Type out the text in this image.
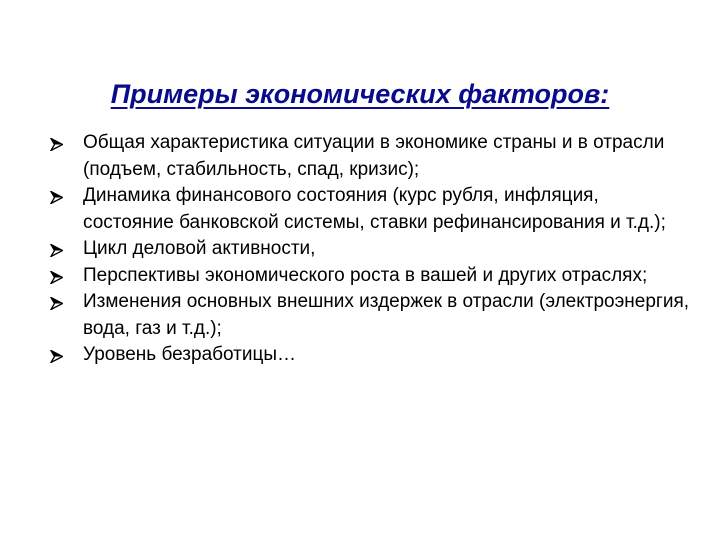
Примеры экономических факторов:
Общая характеристика ситуации в экономике страны и в отрасли (подъем, стабильность, спад, кризис);
Динамика финансового состояния (курс рубля, инфляция, состояние банковской системы, ставки рефинансирования и т.д.);
Цикл деловой активности,
Перспективы экономического роста в вашей и других отраслях;
Изменения основных внешних издержек в отрасли (электроэнергия, вода, газ и т.д.);
Уровень безработицы…
